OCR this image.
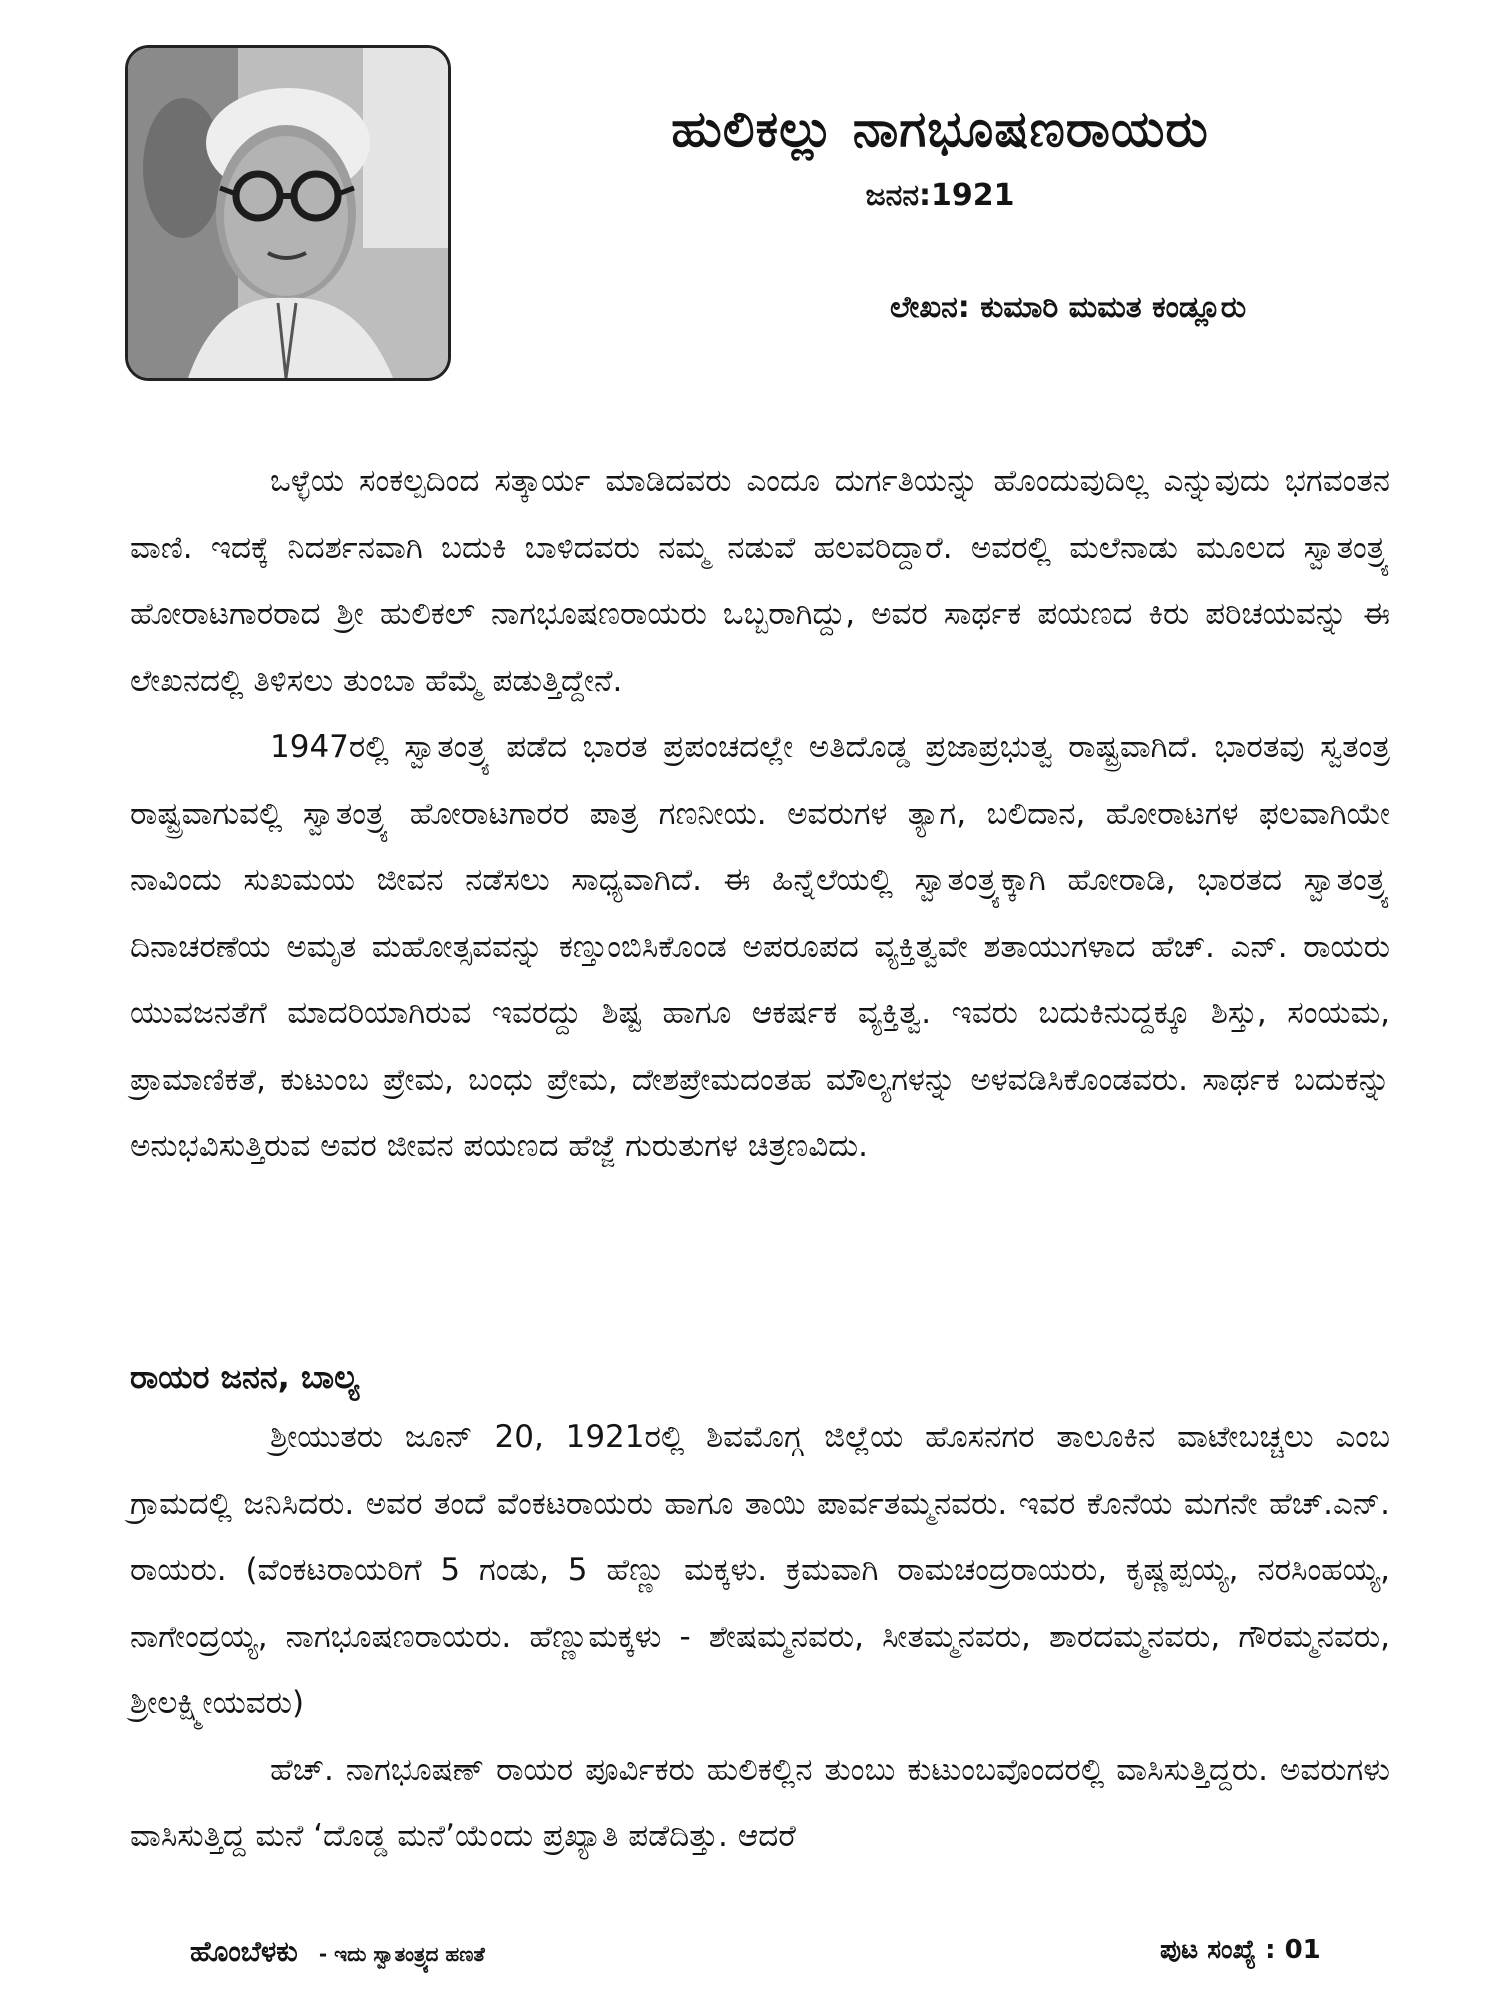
ಹುಲಿಕಲ್ಲು ನಾಗಭೂಷಣರಾಯರು
ಜನನ:1921
ಲೇಖನ: ಕುಮಾರಿ ಮಮತ ಕಂಡ್ಲೂರು

ಒಳ್ಳೆಯ ಸಂಕಲ್ಪದಿಂದ ಸತ್ಕಾರ್ಯ ಮಾಡಿದವರು ಎಂದೂ ದುರ್ಗತಿಯನ್ನು ಹೊಂದುವುದಿಲ್ಲ ಎನ್ನುವುದು ಭಗವಂತನ ವಾಣಿ. ಇದಕ್ಕೆ ನಿದರ್ಶನವಾಗಿ ಬದುಕಿ ಬಾಳಿದವರು ನಮ್ಮ ನಡುವೆ ಹಲವರಿದ್ದಾರೆ. ಅವರಲ್ಲಿ ಮಲೆನಾಡು ಮೂಲದ ಸ್ವಾತಂತ್ರ್ಯ ಹೋರಾಟಗಾರರಾದ ಶ್ರೀ ಹುಲಿಕಲ್ ನಾಗಭೂಷಣರಾಯರು ಒಬ್ಬರಾಗಿದ್ದು, ಅವರ ಸಾರ್ಥಕ ಪಯಣದ ಕಿರು ಪರಿಚಯವನ್ನು ಈ ಲೇಖನದಲ್ಲಿ ತಿಳಿಸಲು ತುಂಬಾ ಹೆಮ್ಮೆ ಪಡುತ್ತಿದ್ದೇನೆ.

1947ರಲ್ಲಿ ಸ್ವಾತಂತ್ರ್ಯ ಪಡೆದ ಭಾರತ ಪ್ರಪಂಚದಲ್ಲೇ ಅತಿದೊಡ್ಡ ಪ್ರಜಾಪ್ರಭುತ್ವ ರಾಷ್ಟ್ರವಾಗಿದೆ. ಭಾರತವು ಸ್ವತಂತ್ರ ರಾಷ್ಟ್ರವಾಗುವಲ್ಲಿ ಸ್ವಾತಂತ್ರ್ಯ ಹೋರಾಟಗಾರರ ಪಾತ್ರ ಗಣನೀಯ. ಅವರುಗಳ ತ್ಯಾಗ, ಬಲಿದಾನ, ಹೋರಾಟಗಳ ಫಲವಾಗಿಯೇ ನಾವಿಂದು ಸುಖಮಯ ಜೀವನ ನಡೆಸಲು ಸಾಧ್ಯವಾಗಿದೆ. ಈ ಹಿನ್ನೆಲೆಯಲ್ಲಿ ಸ್ವಾತಂತ್ರ್ಯಕ್ಕಾಗಿ ಹೋರಾಡಿ, ಭಾರತದ ಸ್ವಾತಂತ್ರ್ಯ ದಿನಾಚರಣೆಯ ಅಮೃತ ಮಹೋತ್ಸವವನ್ನು ಕಣ್ತುಂಬಿಸಿಕೊಂಡ ಅಪರೂಪದ ವ್ಯಕ್ತಿತ್ವವೇ ಶತಾಯುಗಳಾದ ಹೆಚ್. ಎನ್. ರಾಯರು ಯುವಜನತೆಗೆ ಮಾದರಿಯಾಗಿರುವ ಇವರದ್ದು ಶಿಷ್ಟ ಹಾಗೂ ಆಕರ್ಷಕ ವ್ಯಕ್ತಿತ್ವ. ಇವರು ಬದುಕಿನುದ್ದಕ್ಕೂ ಶಿಸ್ತು, ಸಂಯಮ, ಪ್ರಾಮಾಣಿಕತೆ, ಕುಟುಂಬ ಪ್ರೇಮ, ಬಂಧು ಪ್ರೇಮ, ದೇಶಪ್ರೇಮದಂತಹ ಮೌಲ್ಯಗಳನ್ನು ಅಳವಡಿಸಿಕೊಂಡವರು. ಸಾರ್ಥಕ ಬದುಕನ್ನು ಅನುಭವಿಸುತ್ತಿರುವ ಅವರ ಜೀವನ ಪಯಣದ ಹೆಜ್ಜೆ ಗುರುತುಗಳ ಚಿತ್ರಣವಿದು.

ರಾಯರ ಜನನ, ಬಾಲ್ಯ

ಶ್ರೀಯುತರು ಜೂನ್ 20, 1921ರಲ್ಲಿ ಶಿವಮೊಗ್ಗ ಜಿಲ್ಲೆಯ ಹೊಸನಗರ ತಾಲೂಕಿನ ವಾಟೇಬಚ್ಚಲು ಎಂಬ ಗ್ರಾಮದಲ್ಲಿ ಜನಿಸಿದರು. ಅವರ ತಂದೆ ವೆಂಕಟರಾಯರು ಹಾಗೂ ತಾಯಿ ಪಾರ್ವತಮ್ಮನವರು. ಇವರ ಕೊನೆಯ ಮಗನೇ ಹೆಚ್.ಎನ್. ರಾಯರು. (ವೆಂಕಟರಾಯರಿಗೆ 5 ಗಂಡು, 5 ಹೆಣ್ಣು ಮಕ್ಕಳು. ಕ್ರಮವಾಗಿ ರಾಮಚಂದ್ರರಾಯರು, ಕೃಷ್ಣಪ್ಪಯ್ಯ, ನರಸಿಂಹಯ್ಯ, ನಾಗೇಂದ್ರಯ್ಯ, ನಾಗಭೂಷಣರಾಯರು. ಹೆಣ್ಣುಮಕ್ಕಳು - ಶೇಷಮ್ಮನವರು, ಸೀತಮ್ಮನವರು, ಶಾರದಮ್ಮನವರು, ಗೌರಮ್ಮನವರು, ಶ್ರೀಲಕ್ಷ್ಮೀಯವರು)

ಹೆಚ್. ನಾಗಭೂಷಣ್ ರಾಯರ ಪೂರ್ವಿಕರು ಹುಲಿಕಲ್ಲಿನ ತುಂಬು ಕುಟುಂಬವೊಂದರಲ್ಲಿ ವಾಸಿಸುತ್ತಿದ್ದರು. ಅವರುಗಳು ವಾಸಿಸುತ್ತಿದ್ದ ಮನೆ ‘ದೊಡ್ಡ ಮನೆ’ಯೆಂದು ಪ್ರಖ್ಯಾತಿ ಪಡೆದಿತ್ತು. ಆದರೆ

ಹೊಂಬೆಳಕು - ಇದು ಸ್ವಾತಂತ್ರ್ಯದ ಹಣತೆ	ಪುಟ ಸಂಖ್ಯೆ : 01
